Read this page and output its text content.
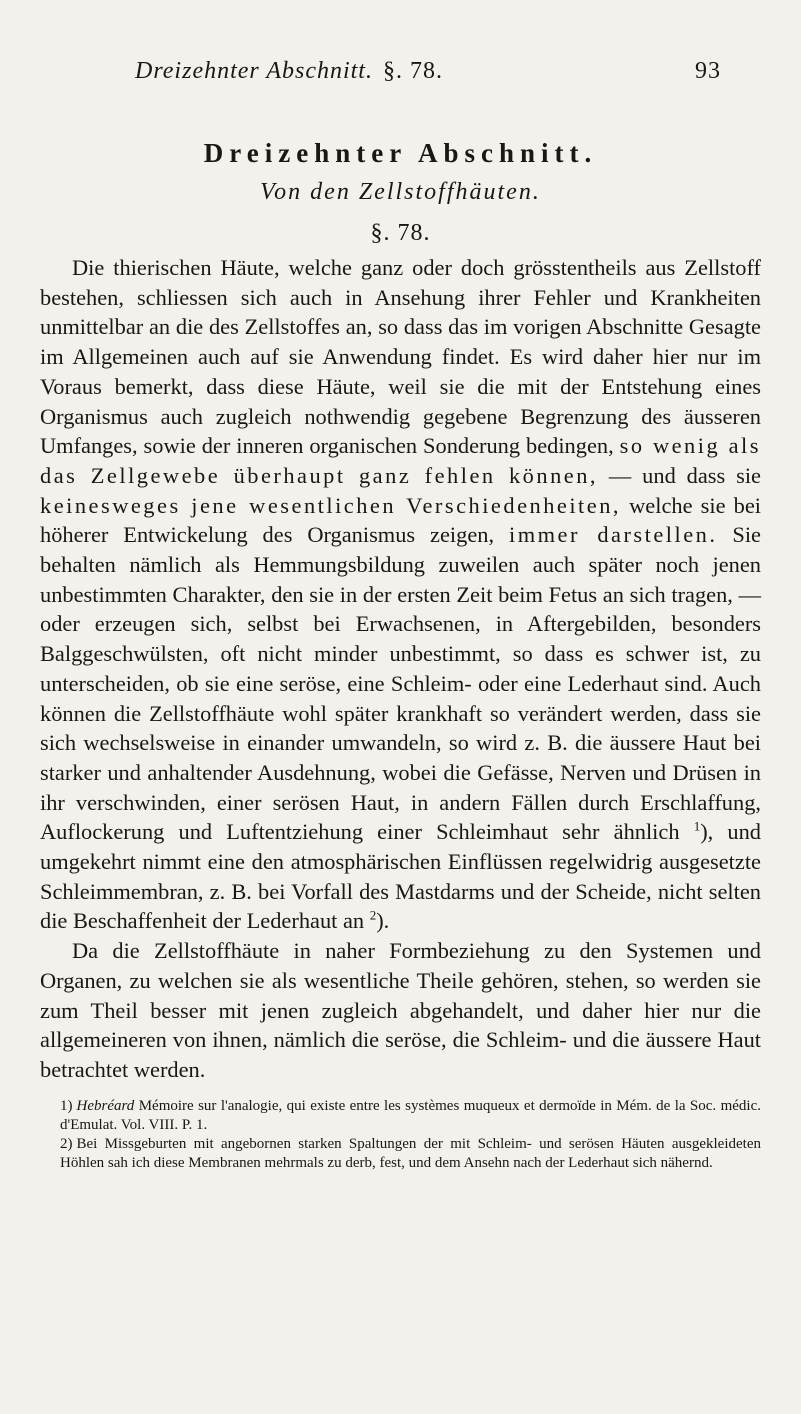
Dreizehnter Abschnitt. §. 78.	93
Dreizehnter Abschnitt.
Von den Zellstoffhäuten.
§. 78.

Die thierischen Häute, welche ganz oder doch grösstentheils aus Zellstoff bestehen, schliessen sich auch in Ansehung ihrer Fehler und Krankheiten unmittelbar an die des Zellstoffes an, so dass das im vorigen Abschnitte Gesagte im Allgemeinen auch auf sie Anwendung findet. Es wird daher hier nur im Voraus bemerkt, dass diese Häute, weil sie die mit der Entstehung eines Organismus auch zugleich nothwendig gegebene Begrenzung des äusseren Umfanges, sowie der inneren organischen Sonderung bedingen, so wenig als das Zellgewebe überhaupt ganz fehlen können, — und dass sie keinesweges jene wesentlichen Verschiedenheiten, welche sie bei höherer Entwickelung des Organismus zeigen, immer darstellen. Sie behalten nämlich als Hemmungsbildung zuweilen auch später noch jenen unbestimmten Charakter, den sie in der ersten Zeit beim Fetus an sich tragen, — oder erzeugen sich, selbst bei Erwachsenen, in Aftergebilden, besonders Balggeschwülsten, oft nicht minder unbestimmt, so dass es schwer ist, zu unterscheiden, ob sie eine seröse, eine Schleim- oder eine Lederhaut sind. Auch können die Zellstoffhäute wohl später krankhaft so verändert werden, dass sie sich wechselsweise in einander umwandeln, so wird z. B. die äussere Haut bei starker und anhaltender Ausdehnung, wobei die Gefässe, Nerven und Drüsen in ihr verschwinden, einer serösen Haut, in andern Fällen durch Erschlaffung, Auflockerung und Luftentziehung einer Schleimhaut sehr ähnlich $^1$), und umgekehrt nimmt eine den atmosphärischen Einflüssen regelwidrig ausgesetzte Schleimmembran, z. B. bei Vorfall des Mastdarms und der Scheide, nicht selten die Beschaffenheit der Lederhaut an $^2$).

Da die Zellstoffhäute in naher Formbeziehung zu den Systemen und Organen, zu welchen sie als wesentliche Theile gehören, stehen, so werden sie zum Theil besser mit jenen zugleich abgehandelt, und daher hier nur die allgemeineren von ihnen, nämlich die seröse, die Schleim- und die äussere Haut betrachtet werden.

1) Hebréard Mémoire sur l'analogie, qui existe entre les systèmes muqueux et dermoïde in Mém. de la Soc. médic. d'Emulat. Vol. VIII. P. 1.

2) Bei Missgeburten mit angebornen starken Spaltungen der mit Schleim- und serösen Häuten ausgekleideten Höhlen sah ich diese Membranen mehrmals zu derb, fest, und dem Ansehn nach der Lederhaut sich nähernd.
